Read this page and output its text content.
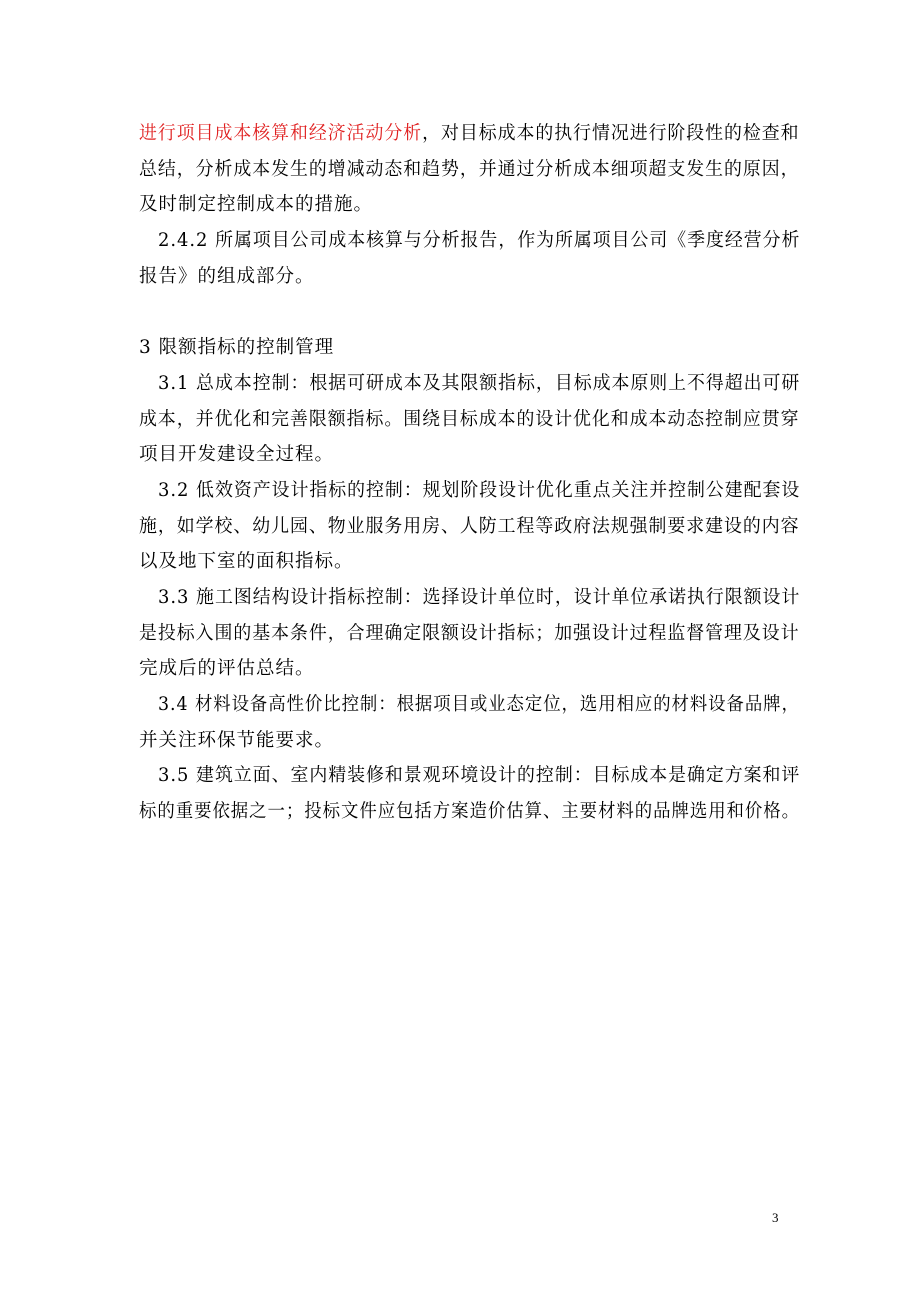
进行项目成本核算和经济活动分析，对目标成本的执行情况进行阶段性的检查和
总结，分析成本发生的增减动态和趋势，并通过分析成本细项超支发生的原因，
及时制定控制成本的措施。
2.4.2 所属项目公司成本核算与分析报告，作为所属项目公司《季度经营分析
报告》的组成部分。
3 限额指标的控制管理
3.1 总成本控制：根据可研成本及其限额指标，目标成本原则上不得超出可研
成本，并优化和完善限额指标。围绕目标成本的设计优化和成本动态控制应贯穿
项目开发建设全过程。
3.2 低效资产设计指标的控制：规划阶段设计优化重点关注并控制公建配套设
施，如学校、幼儿园、物业服务用房、人防工程等政府法规强制要求建设的内容
以及地下室的面积指标。
3.3 施工图结构设计指标控制：选择设计单位时，设计单位承诺执行限额设计
是投标入围的基本条件，合理确定限额设计指标；加强设计过程监督管理及设计
完成后的评估总结。
3.4 材料设备高性价比控制：根据项目或业态定位，选用相应的材料设备品牌，
并关注环保节能要求。
3.5 建筑立面、室内精装修和景观环境设计的控制：目标成本是确定方案和评
标的重要依据之一；投标文件应包括方案造价估算、主要材料的品牌选用和价格。
3
